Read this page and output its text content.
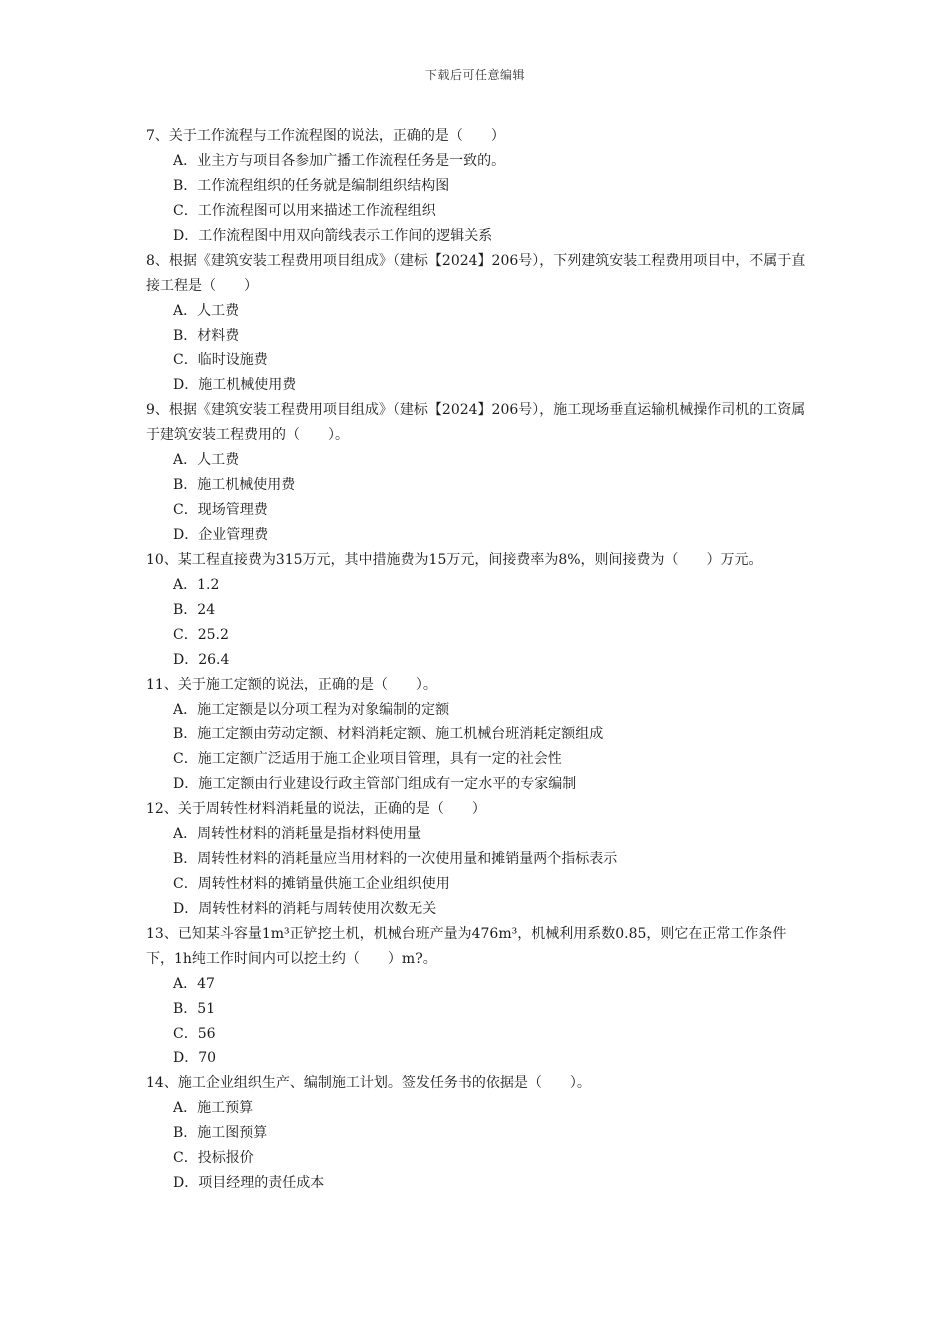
下载后可任意编辑

7、关于工作流程与工作流程图的说法，正确的是（　　）

A．业主方与项目各参加广播工作流程任务是一致的。
B．工作流程组织的任务就是编制组织结构图
C．工作流程图可以用来描述工作流程组织
D．工作流程图中用双向箭线表示工作间的逻辑关系

8、根据《建筑安装工程费用项目组成》（建标【2024】206号），下列建筑安装工程费用项目中，不属于直接工程是（　　）

A．人工费
B．材料费
C．临时设施费
D．施工机械使用费

9、根据《建筑安装工程费用项目组成》（建标【2024】206号），施工现场垂直运输机械操作司机的工资属于建筑安装工程费用的（　　）。

A．人工费
B．施工机械使用费
C．现场管理费
D．企业管理费

10、某工程直接费为315万元，其中措施费为15万元，间接费率为8%，则间接费为（　　）万元。

A．1.2
B．24
C．25.2
D．26.4

11、关于施工定额的说法，正确的是（　　）。

A．施工定额是以分项工程为对象编制的定额
B．施工定额由劳动定额、材料消耗定额、施工机械台班消耗定额组成
C．施工定额广泛适用于施工企业项目管理，具有一定的社会性
D．施工定额由行业建设行政主管部门组成有一定水平的专家编制

12、关于周转性材料消耗量的说法，正确的是（　　）

A．周转性材料的消耗量是指材料使用量
B．周转性材料的消耗量应当用材料的一次使用量和摊销量两个指标表示
C．周转性材料的摊销量供施工企业组织使用
D．周转性材料的消耗与周转使用次数无关

13、已知某斗容量1m³正铲挖土机，机械台班产量为476m³，机械利用系数0.85，则它在正常工作条件下，1h纯工作时间内可以挖土约（　　）m?。

A．47
B．51
C．56
D．70

14、施工企业组织生产、编制施工计划。签发任务书的依据是（　　）。

A．施工预算
B．施工图预算
C．投标报价
D．项目经理的责任成本
